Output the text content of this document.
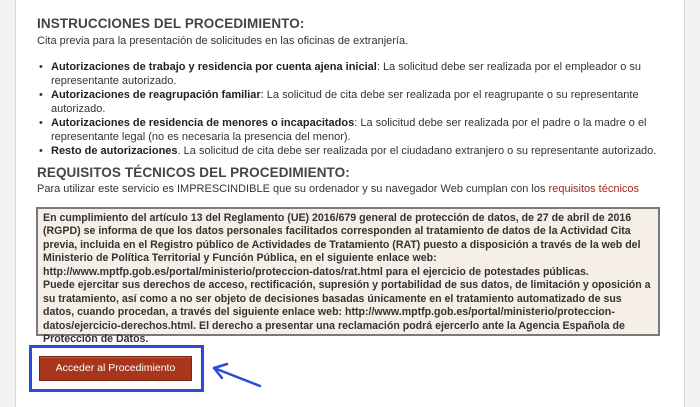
INSTRUCCIONES DEL PROCEDIMIENTO:

Cita previa para la presentación de solicitudes en las oficinas de extranjería.

• Autorizaciones de trabajo y residencia por cuenta ajena inicial: La solicitud debe ser realizada por el empleador o su representante autorizado.
• Autorizaciones de reagrupación familiar: La solicitud de cita debe ser realizada por el reagrupante o su representante autorizado.
• Autorizaciones de residencia de menores o incapacitados: La solicitud debe ser realizada por el padre o la madre o el representante legal (no es necesaria la presencia del menor).
• Resto de autorizaciones. La solicitud de cita debe ser realizada por el ciudadano extranjero o su representante autorizado.
REQUISITOS TÉCNICOS DEL PROCEDIMIENTO:

Para utilizar este servicio es IMPRESCINDIBLE que su ordenador y su navegador Web cumplan con los requisitos técnicos

En cumplimiento del artículo 13 del Reglamento (UE) 2016/679 general de protección de datos, de 27 de abril de 2016 (RGPD) se informa de que los datos personales facilitados corresponden al tratamiento de datos de la Actividad Cita previa, incluida en el Registro público de Actividades de Tratamiento (RAT) puesto a disposición a través de la web del Ministerio de Política Territorial y Función Pública, en el siguiente enlace web: http://www.mptfp.gob.es/portal/ministerio/proteccion-datos/rat.html para el ejercicio de potestades públicas.

Puede ejercitar sus derechos de acceso, rectificación, supresión y portabilidad de sus datos, de limitación y oposición a su tratamiento, así como a no ser objeto de decisiones basadas únicamente en el tratamiento automatizado de sus datos, cuando procedan, a través del siguiente enlace web: http://www.mptfp.gob.es/portal/ministerio/proteccion-datos/ejercicio-derechos.html. El derecho a presentar una reclamación podrá ejercerlo ante la Agencia Española de Protección de Datos.

Acceder al Procedimiento
